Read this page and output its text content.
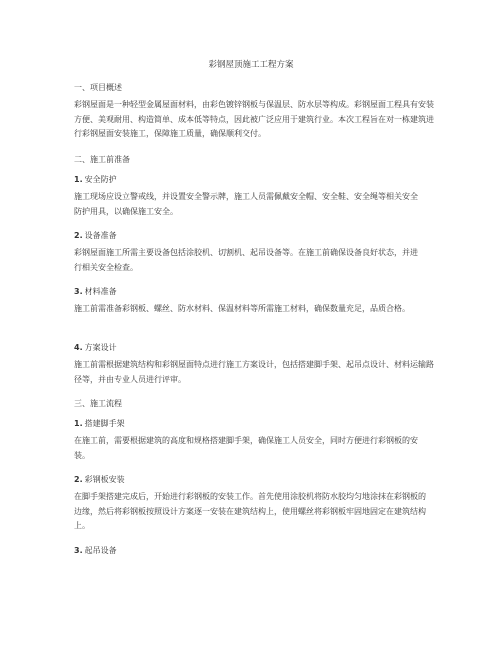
彩钢屋顶施工工程方案
一、项目概述
彩钢屋面是一种轻型金属屋面材料，由彩色镀锌钢板与保温层、防水层等构成。彩钢屋面工程具有安装方便、美观耐用、构造简单、成本低等特点，因此被广泛应用于建筑行业。本次工程旨在对一栋建筑进行彩钢屋面安装施工，保障施工质量，确保顺利交付。
二、施工前准备
1. 安全防护
施工现场应设立警戒线，并设置安全警示牌，施工人员需佩戴安全帽、安全鞋、安全绳等相关安全防护用具，以确保施工安全。
2. 设备准备
彩钢屋面施工所需主要设备包括涂胶机、切割机、起吊设备等。在施工前确保设备良好状态，并进行相关安全检查。
3. 材料准备
施工前需准备彩钢板、螺丝、防水材料、保温材料等所需施工材料，确保数量充足，品质合格。
4. 方案设计
施工前需根据建筑结构和彩钢屋面特点进行施工方案设计，包括搭建脚手架、起吊点设计、材料运输路径等，并由专业人员进行评审。
三、施工流程
1. 搭建脚手架
在施工前，需要根据建筑的高度和规格搭建脚手架，确保施工人员安全，同时方便进行彩钢板的安装。
2. 彩钢板安装
在脚手架搭建完成后，开始进行彩钢板的安装工作。首先使用涂胶机将防水胶均匀地涂抹在彩钢板的边缘，然后将彩钢板按照设计方案逐一安装在建筑结构上，使用螺丝将彩钢板牢固地固定在建筑结构上。
3. 起吊设备
